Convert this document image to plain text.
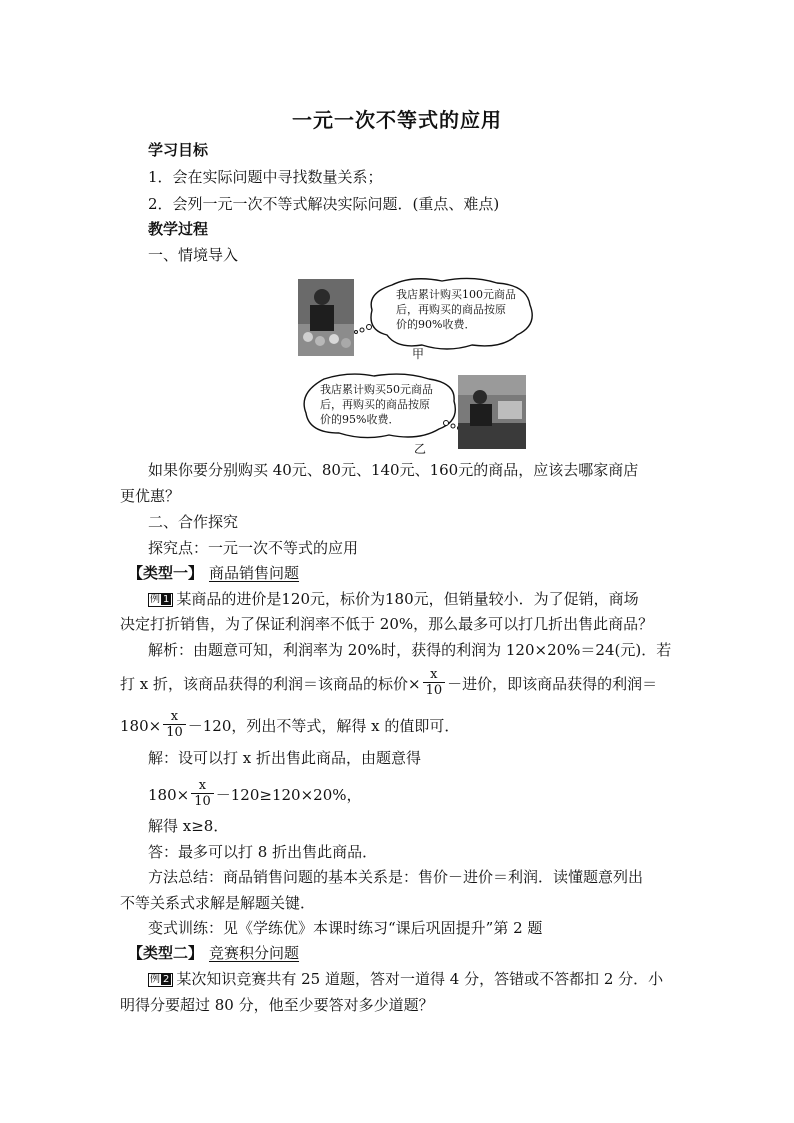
一元一次不等式的应用
学习目标
1．会在实际问题中寻找数量关系；
2．会列一元一次不等式解决实际问题．(重点、难点)
教学过程
一、情境导入
我店累计购买100元商品
后，再购买的商品按原
价的90%收费．
甲
我店累计购买50元商品
后，再购买的商品按原
价的95%收费．
乙
如果你要分别购买 40元、80元、140元、160元的商品，应该去哪家商店
更优惠？
二、合作探究
探究点：一元一次不等式的应用
【类型一】 商品销售问题
例 1 某商品的进价是120元，标价为180元，但销量较小．为了促销，商场
决定打折销售，为了保证利润率不低于 20%，那么最多可以打几折出售此商品？
解析：由题意可知，利润率为 20%时，获得的利润为 120×20%＝24(元)．若
打 x 折，该商品获得的利润＝该商品的标价× $\frac{x}{10}$ －进价，即该商品获得的利润＝
$180\times \frac{x}{10} -120$，列出不等式，解得 x 的值即可．
解：设可以打 x 折出售此商品，由题意得
$180\times \frac{x}{10} -120\ge 120\times 20\%$，
解得 x≥8．
答：最多可以打 8 折出售此商品．
方法总结：商品销售问题的基本关系是：售价－进价＝利润．读懂题意列出
不等关系式求解是解题关键．
变式训练：见《学练优》本课时练习“课后巩固提升”第 2 题
【类型二】 竞赛积分问题
例 2 某次知识竞赛共有 25 道题，答对一道得 4 分，答错或不答都扣 2 分．小
明得分要超过 80 分，他至少要答对多少道题？
